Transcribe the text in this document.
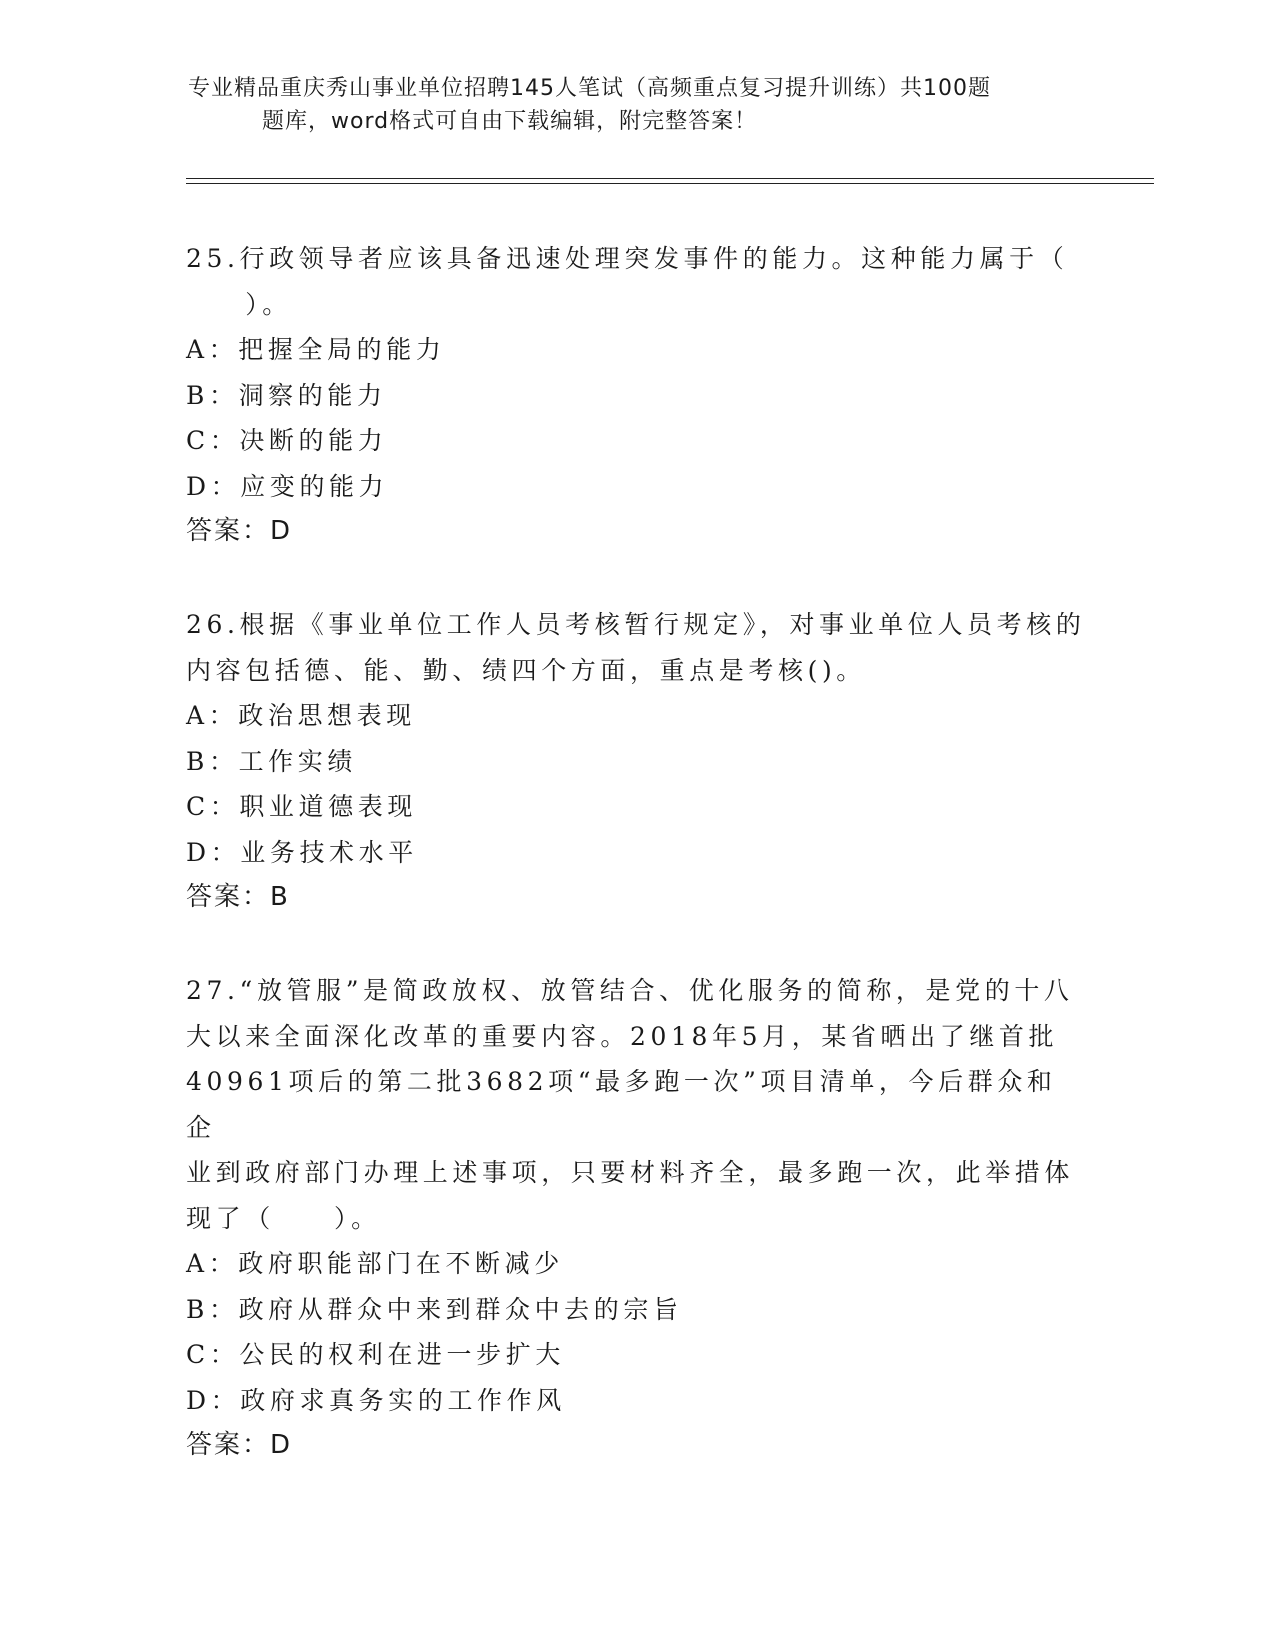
专业精品重庆秀山事业单位招聘145人笔试（高频重点复习提升训练）共100题
题库，word格式可自由下载编辑，附完整答案！

25.行政领导者应该具备迅速处理突发事件的能力。这种能力属于（

　　）。

A：把握全局的能力

B：洞察的能力

C：决断的能力

D：应变的能力

答案：D

26.根据《事业单位工作人员考核暂行规定》，对事业单位人员考核的

内容包括德、能、勤、绩四个方面，重点是考核()。

A：政治思想表现

B：工作实绩

C：职业道德表现

D：业务技术水平

答案：B

27.“放管服”是简政放权、放管结合、优化服务的简称，是党的十八

大以来全面深化改革的重要内容。2018年5月，某省晒出了继首批

40961项后的第二批3682项“最多跑一次”项目清单，今后群众和企

业到政府部门办理上述事项，只要材料齐全，最多跑一次，此举措体

现了（　　）。

A：政府职能部门在不断减少

B：政府从群众中来到群众中去的宗旨

C：公民的权利在进一步扩大

D：政府求真务实的工作作风

答案：D
